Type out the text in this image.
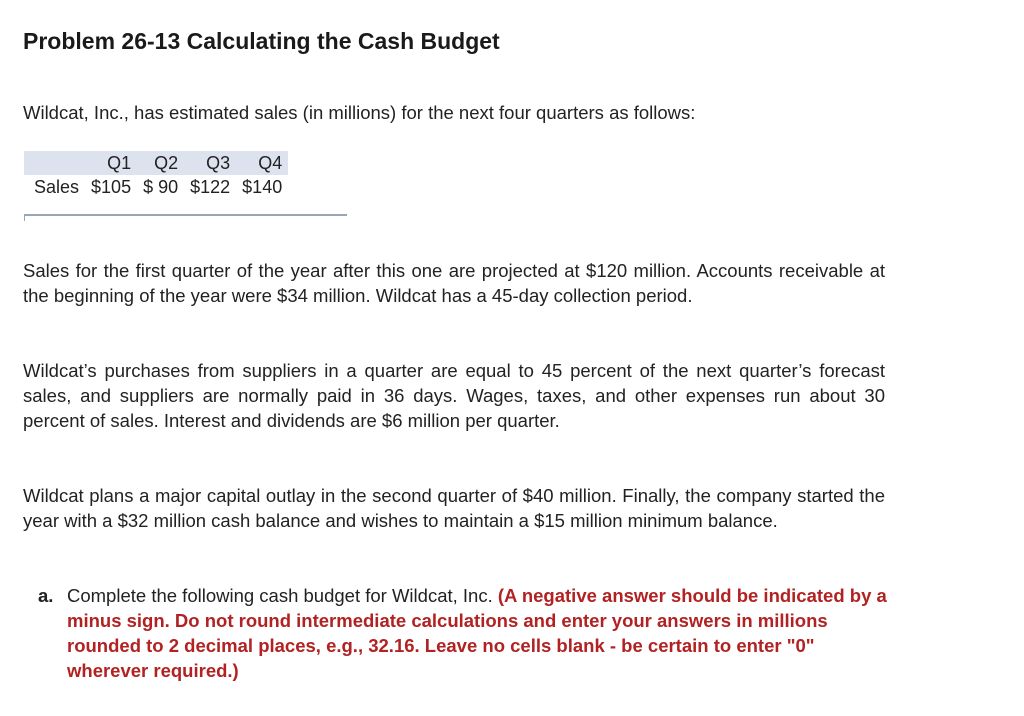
Problem 26-13 Calculating the Cash Budget

Wildcat, Inc., has estimated sales (in millions) for the next four quarters as follows:

	Q1	Q2	Q3	Q4
Sales	$105	$ 90	$122	$140

Sales for the first quarter of the year after this one are projected at $120 million. Accounts receivable at the beginning of the year were $34 million. Wildcat has a 45-day collection period.

Wildcat’s purchases from suppliers in a quarter are equal to 45 percent of the next quarter’s forecast sales, and suppliers are normally paid in 36 days. Wages, taxes, and other expenses run about 30 percent of sales. Interest and dividends are $6 million per quarter.

Wildcat plans a major capital outlay in the second quarter of $40 million. Finally, the company started the year with a $32 million cash balance and wishes to maintain a $15 million minimum balance.

a. Complete the following cash budget for Wildcat, Inc. (A negative answer should be indicated by a minus sign. Do not round intermediate calculations and enter your answers in millions rounded to 2 decimal places, e.g., 32.16. Leave no cells blank - be certain to enter "0" wherever required.)
